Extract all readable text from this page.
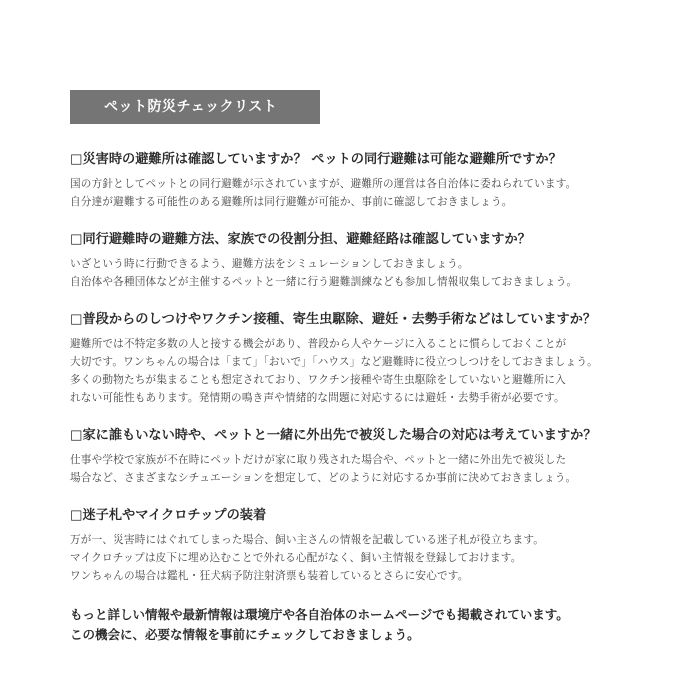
ペット防災チェックリスト
□災害時の避難所は確認していますか？ ペットの同行避難は可能な避難所ですか？

国の方針としてペットとの同行避難が示されていますが、避難所の運営は各自治体に委ねられています。

自分達が避難する可能性のある避難所は同行避難が可能か、事前に確認しておきましょう。

□同行避難時の避難方法、家族での役割分担、避難経路は確認していますか？

いざという時に行動できるよう、避難方法をシミュレーションしておきましょう。

自治体や各種団体などが主催するペットと一緒に行う避難訓練なども参加し情報収集しておきましょう。

□普段からのしつけやワクチン接種、寄生虫駆除、避妊・去勢手術などはしていますか？

避難所では不特定多数の人と接する機会があり、普段から人やケージに入ることに慣らしておくことが

大切です。ワンちゃんの場合は「まて」「おいで」「ハウス」など避難時に役立つしつけをしておきましょう。

多くの動物たちが集まることも想定されており、ワクチン接種や寄生虫駆除をしていないと避難所に入

れない可能性もあります。発情期の鳴き声や情緒的な問題に対応するには避妊・去勢手術が必要です。

□家に誰もいない時や、ペットと一緒に外出先で被災した場合の対応は考えていますか？

仕事や学校で家族が不在時にペットだけが家に取り残された場合や、ペットと一緒に外出先で被災した

場合など、さまざまなシチュエーションを想定して、どのように対応するか事前に決めておきましょう。

□迷子札やマイクロチップの装着

万が一、災害時にはぐれてしまった場合、飼い主さんの情報を記載している迷子札が役立ちます。

マイクロチップは皮下に埋め込むことで外れる心配がなく、飼い主情報を登録しておけます。

ワンちゃんの場合は鑑札・狂犬病予防注射済票も装着しているとさらに安心です。

もっと詳しい情報や最新情報は環境庁や各自治体のホームページでも掲載されています。

この機会に、必要な情報を事前にチェックしておきましょう。
